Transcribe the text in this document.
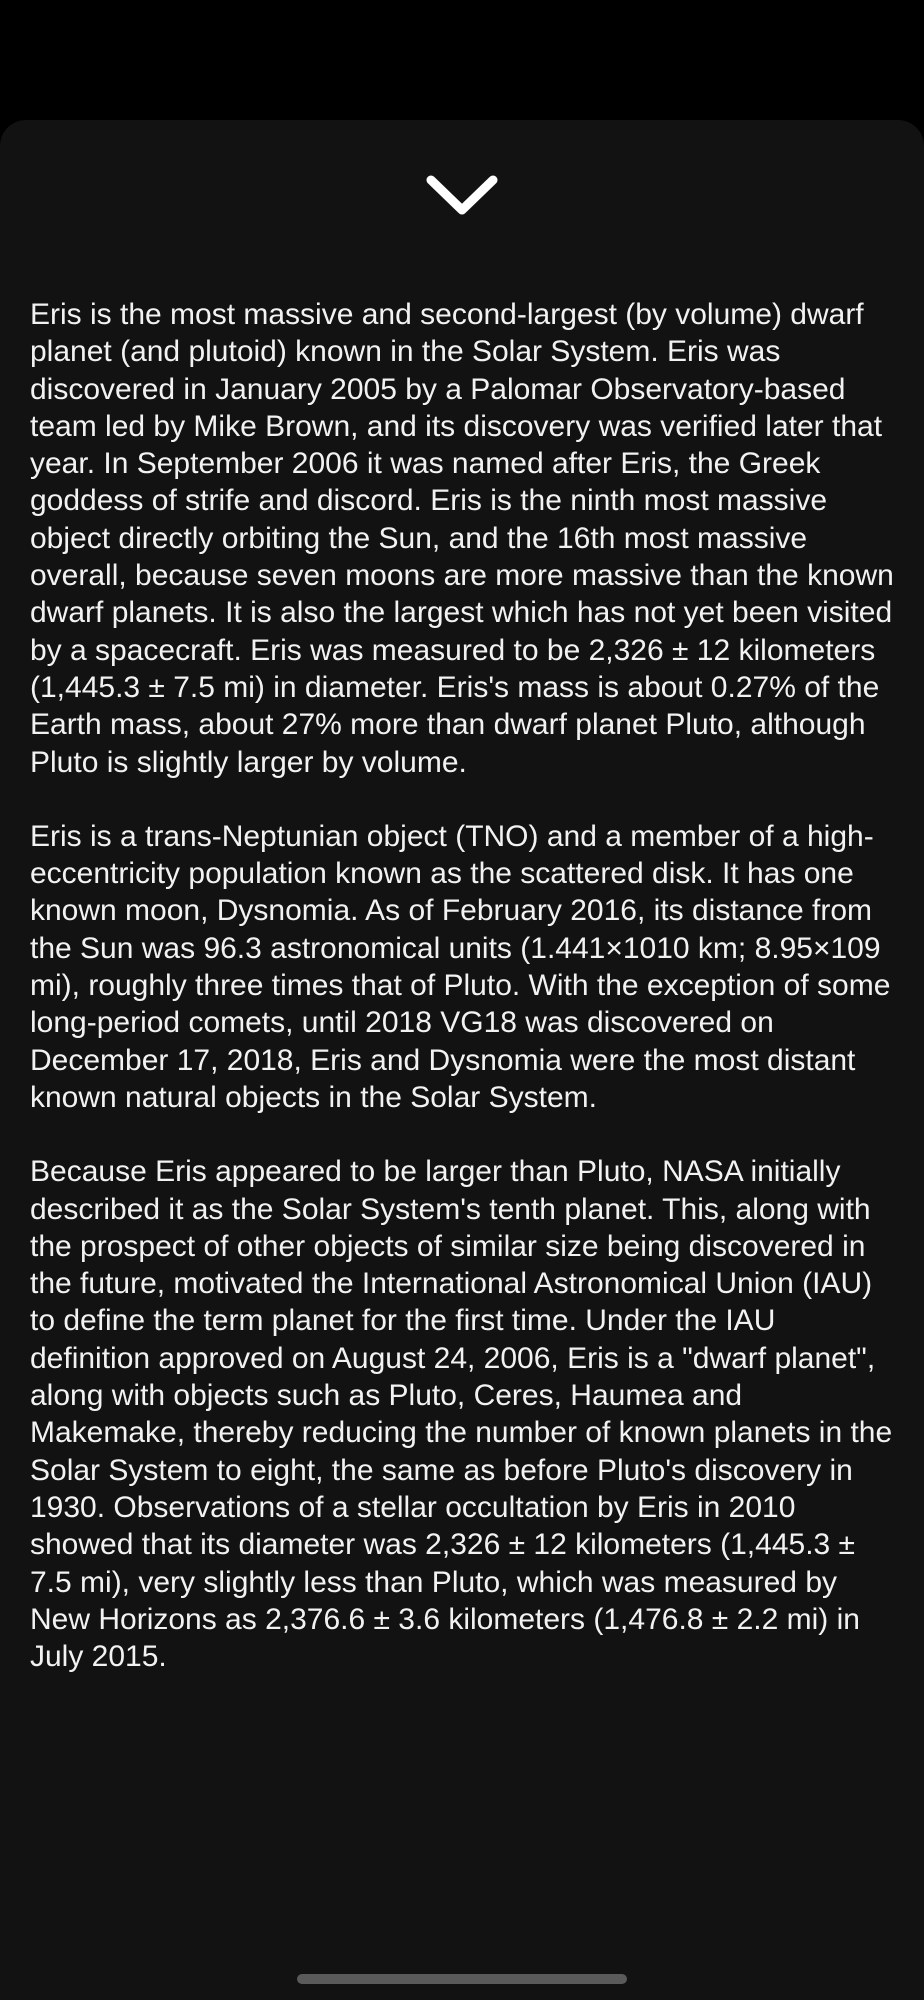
Eris is the most massive and second-largest (by volume) dwarf planet (and plutoid) known in the Solar System. Eris was discovered in January 2005 by a Palomar Observatory-based team led by Mike Brown, and its discovery was verified later that year. In September 2006 it was named after Eris, the Greek goddess of strife and discord. Eris is the ninth most massive object directly orbiting the Sun, and the 16th most massive overall, because seven moons are more massive than the known dwarf planets. It is also the largest which has not yet been visited by a spacecraft. Eris was measured to be 2,326 ± 12 kilometers (1,445.3 ± 7.5 mi) in diameter. Eris's mass is about 0.27% of the Earth mass, about 27% more than dwarf planet Pluto, although Pluto is slightly larger by volume.

Eris is a trans-Neptunian object (TNO) and a member of a high-eccentricity population known as the scattered disk. It has one known moon, Dysnomia. As of February 2016, its distance from the Sun was 96.3 astronomical units (1.441×1010 km; 8.95×109 mi), roughly three times that of Pluto. With the exception of some long-period comets, until 2018 VG18 was discovered on December 17, 2018, Eris and Dysnomia were the most distant known natural objects in the Solar System.

Because Eris appeared to be larger than Pluto, NASA initially described it as the Solar System's tenth planet. This, along with the prospect of other objects of similar size being discovered in the future, motivated the International Astronomical Union (IAU) to define the term planet for the first time. Under the IAU definition approved on August 24, 2006, Eris is a "dwarf planet", along with objects such as Pluto, Ceres, Haumea and Makemake, thereby reducing the number of known planets in the Solar System to eight, the same as before Pluto's discovery in 1930. Observations of a stellar occultation by Eris in 2010 showed that its diameter was 2,326 ± 12 kilometers (1,445.3 ± 7.5 mi), very slightly less than Pluto, which was measured by New Horizons as 2,376.6 ± 3.6 kilometers (1,476.8 ± 2.2 mi) in July 2015.
